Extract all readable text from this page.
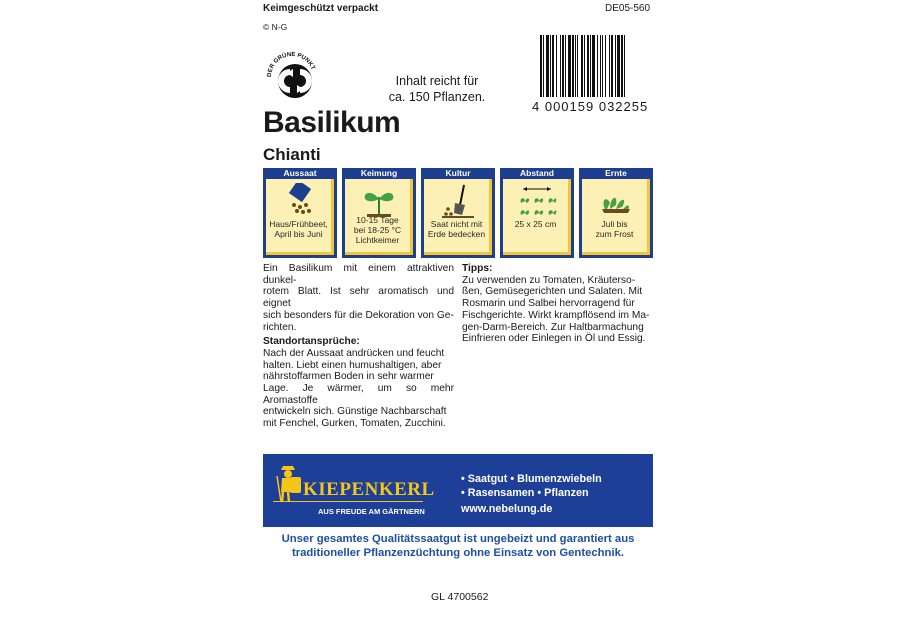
Keimgeschützt verpackt	DE05-560
© N-G
DER GRÜNE PUNKT
Inhalt reicht für
ca. 150 Pflanzen.
4 000159 032255
Basilikum
Chianti
Aussaat
Haus/Frühbeet,
April bis Juni
Keimung
10-15 Tage
bei 18-25 °C
Lichtkeimer
Kultur
Saat nicht mit
Erde bedecken
Abstand
25 x 25 cm
Ernte
Juli bis
zum Frost
Ein Basilikum mit einem attraktiven dunkel-
rotem Blatt. Ist sehr aromatisch und eignet
sich besonders für die Dekoration von Ge-
richten.
Standortansprüche:
Nach der Aussaat andrücken und feucht
halten. Liebt einen humushaltigen, aber
nährstoffarmen Boden in sehr warmer
Lage. Je wärmer, um so mehr Aromastoffe
entwickeln sich. Günstige Nachbarschaft
mit Fenchel, Gurken, Tomaten, Zucchini.
Tipps:
Zu verwenden zu Tomaten, Kräuterso-
ßen, Gemüsegerichten und Salaten. Mit
Rosmarin und Salbei hervorragend für
Fischgerichte. Wirkt krampflösend im Ma-
gen-Darm-Bereich. Zur Haltbarmachung
Einfrieren oder Einlegen in Öl und Essig.
KIEPENKERL
AUS FREUDE AM GÄRTNERN
• Saatgut • Blumenzwiebeln
• Rasensamen • Pflanzen
www.nebelung.de
Unser gesamtes Qualitätssaatgut ist ungebeizt und garantiert aus
traditioneller Pflanzenzüchtung ohne Einsatz von Gentechnik.
GL 4700562
